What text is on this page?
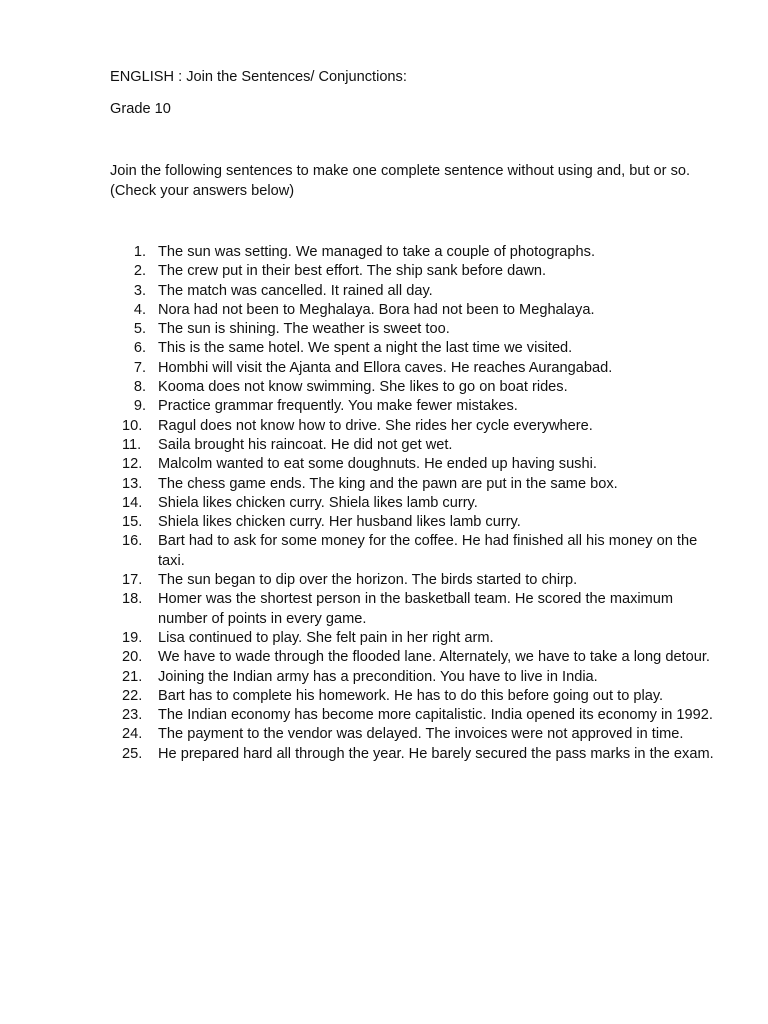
ENGLISH : Join the Sentences/ Conjunctions:
Grade 10
Join the following sentences to make one complete sentence without using and, but or so. (Check your answers below)
1. The sun was setting. We managed to take a couple of photographs.
2. The crew put in their best effort. The ship sank before dawn.
3. The match was cancelled. It rained all day.
4. Nora had not been to Meghalaya. Bora had not been to Meghalaya.
5. The sun is shining. The weather is sweet too.
6. This is the same hotel. We spent a night the last time we visited.
7. Hombhi will visit the Ajanta and Ellora caves. He reaches Aurangabad.
8. Kooma does not know swimming. She likes to go on boat rides.
9. Practice grammar frequently. You make fewer mistakes.
10.	Ragul does not know how to drive. She rides her cycle everywhere.
11.	Saila brought his raincoat. He did not get wet.
12.	Malcolm wanted to eat some doughnuts. He ended up having sushi.
13.	The chess game ends. The king and the pawn are put in the same box.
14.	Shiela likes chicken curry. Shiela likes lamb curry.
15.	Shiela likes chicken curry. Her husband likes lamb curry.
16.	Bart had to ask for some money for the coffee. He had finished all his money on the taxi.
17.	The sun began to dip over the horizon. The birds started to chirp.
18.	Homer was the shortest person in the basketball team. He scored the maximum number of points in every game.
19.	Lisa continued to play. She felt pain in her right arm.
20.	We have to wade through the flooded lane. Alternately, we have to take a long detour.
21.	Joining the Indian army has a precondition. You have to live in India.
22.	Bart has to complete his homework. He has to do this before going out to play.
23.	The Indian economy has become more capitalistic. India opened its economy in 1992.
24.	The payment to the vendor was delayed. The invoices were not approved in time.
25.	He prepared hard all through the year. He barely secured the pass marks in the exam.
